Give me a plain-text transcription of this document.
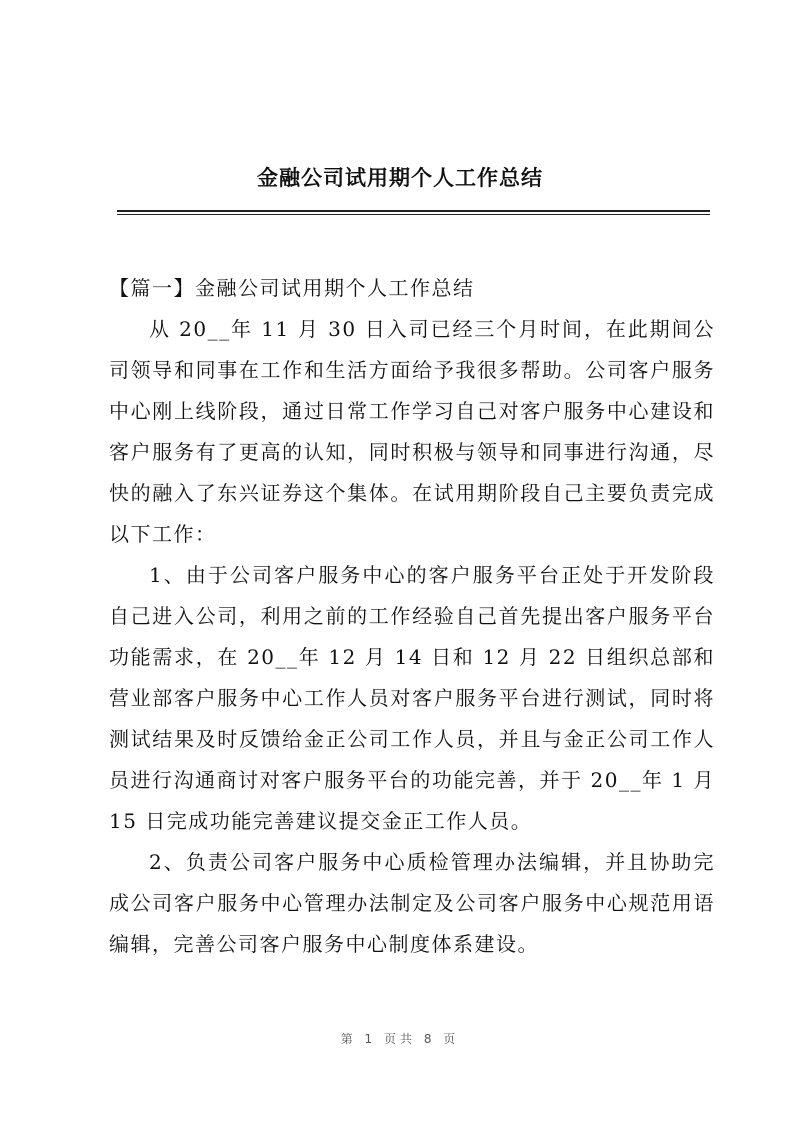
金融公司试用期个人工作总结

【篇一】金融公司试用期个人工作总结

从 20__年 11 月 30 日入司已经三个月时间，在此期间公司领导和同事在工作和生活方面给予我很多帮助。公司客户服务中心刚上线阶段，通过日常工作学习自己对客户服务中心建设和客户服务有了更高的认知，同时积极与领导和同事进行沟通，尽快的融入了东兴证券这个集体。在试用期阶段自己主要负责完成以下工作：

1、由于公司客户服务中心的客户服务平台正处于开发阶段自己进入公司，利用之前的工作经验自己首先提出客户服务平台功能需求，在 20__年 12 月 14 日和 12 月 22 日组织总部和营业部客户服务中心工作人员对客户服务平台进行测试，同时将测试结果及时反馈给金正公司工作人员，并且与金正公司工作人员进行沟通商讨对客户服务平台的功能完善，并于 20__年 1 月 15 日完成功能完善建议提交金正工作人员。

2、负责公司客户服务中心质检管理办法编辑，并且协助完成公司客户服务中心管理办法制定及公司客户服务中心规范用语编辑，完善公司客户服务中心制度体系建设。

第 1 页共 8 页
